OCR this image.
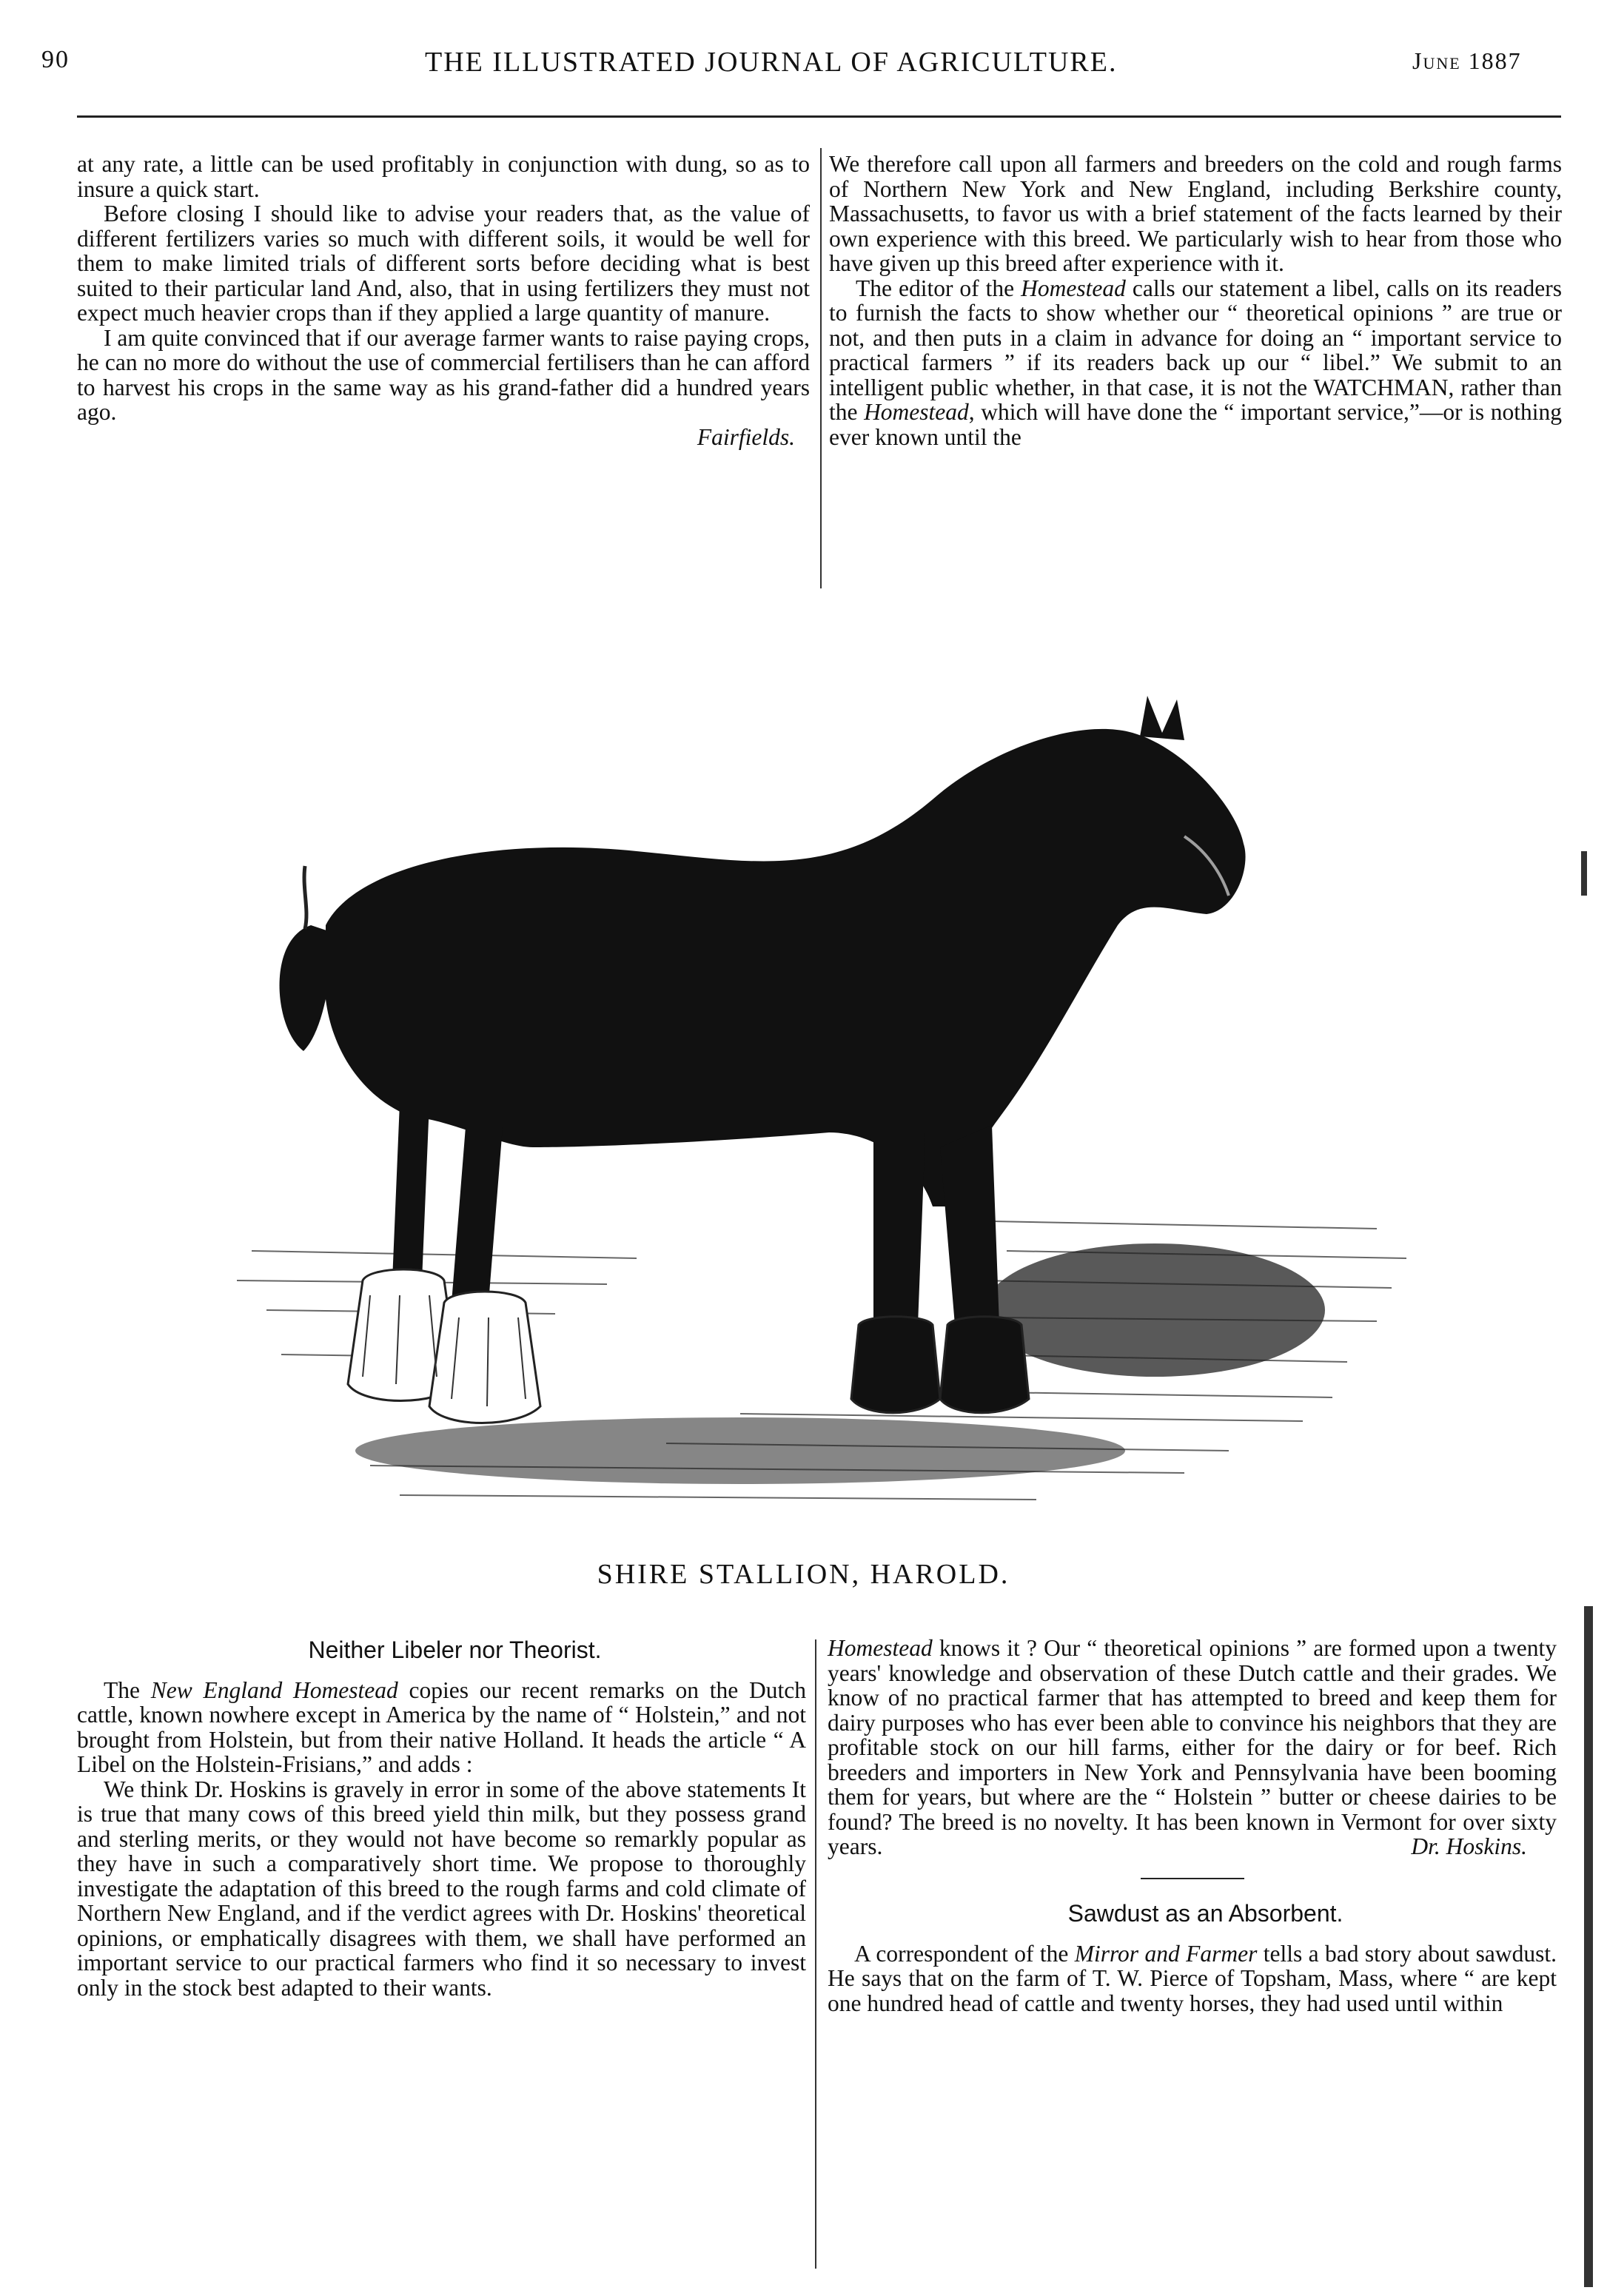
90	THE ILLUSTRATED JOURNAL OF AGRICULTURE.	June 1887

at any rate, a little can be used profitably in conjunction with dung, so as to insure a quick start.

Before closing I should like to advise your readers that, as the value of different fertilizers varies so much with different soils, it would be well for them to make limited trials of different sorts before deciding what is best suited to their particular land And, also, that in using fertilizers they must not expect much heavier crops than if they applied a large quantity of manure.

I am quite convinced that if our average farmer wants to raise paying crops, he can no more do without the use of commercial fertilisers than he can afford to harvest his crops in the same way as his grand-father did a hundred years ago.

Fairfields.

We therefore call upon all farmers and breeders on the cold and rough farms of Northern New York and New England, including Berkshire county, Massachusetts, to favor us with a brief statement of the facts learned by their own experience with this breed. We particularly wish to hear from those who have given up this breed after experience with it.

The editor of the Homestead calls our statement a libel, calls on its readers to furnish the facts to show whether our “ theoretical opinions ” are true or not, and then puts in a claim in advance for doing an “ important service to practical farmers ” if its readers back up our “ libel.” We submit to an intelligent public whether, in that case, it is not the WATCHMAN, rather than the Homestead, which will have done the “ important service,”—or is nothing ever known until the

SHIRE STALLION, HAROLD.

Neither Libeler nor Theorist.

The New England Homestead copies our recent remarks on the Dutch cattle, known nowhere except in America by the name of “ Holstein,” and not brought from Holstein, but from their native Holland. It heads the article “ A Libel on the Holstein-Frisians,” and adds :

We think Dr. Hoskins is gravely in error in some of the above statements It is true that many cows of this breed yield thin milk, but they possess grand and sterling merits, or they would not have become so remarkly popular as they have in such a comparatively short time. We propose to thoroughly investigate the adaptation of this breed to the rough farms and cold climate of Northern New England, and if the verdict agrees with Dr. Hoskins' theoretical opinions, or emphatically disagrees with them, we shall have performed an important service to our practical farmers who find it so necessary to invest only in the stock best adapted to their wants.

Homestead knows it ? Our “ theoretical opinions ” are formed upon a twenty years' knowledge and observation of these Dutch cattle and their grades. We know of no practical farmer that has attempted to breed and keep them for dairy purposes who has ever been able to convince his neighbors that they are profitable stock on our hill farms, either for the dairy or for beef. Rich breeders and importers in New York and Pennsylvania have been booming them for years, but where are the “ Holstein ” butter or cheese dairies to be found? The breed is no novelty. It has been known in Vermont for over sixty years.	Dr. Hoskins.

Sawdust as an Absorbent.

A correspondent of the Mirror and Farmer tells a bad story about sawdust. He says that on the farm of T. W. Pierce of Topsham, Mass, where “ are kept one hundred head of cattle and twenty horses, they had used until within
